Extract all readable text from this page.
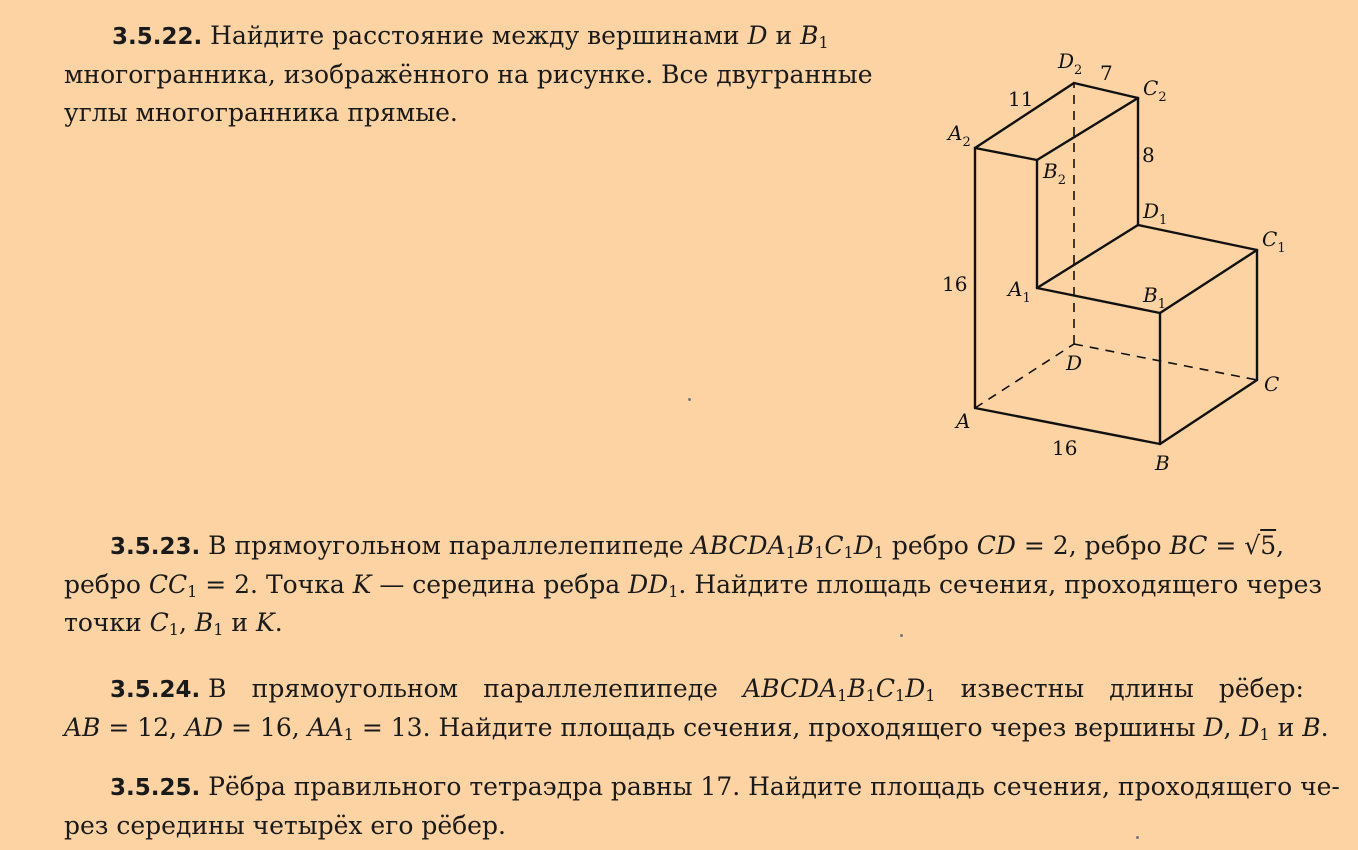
3.5.22. Найдите расстояние между вершинами D и $B_1$
многогранника, изображённого на рисунке. Все двугранные
углы многогранника прямые.
$D_2$
$C_2$
$A_2$
$B_2$
$D_1$
$C_1$
$A_1$	$B_1$
D
C
A
B
11
7
8
16
16
3.5.23. В прямоугольном параллелепипеде $ABCDA_1B_1C_1D_1$ ребро CD = 2, ребро BC = √5,
ребро $CC_1 = 2$. Точка K — середина ребра $DD_1$. Найдите площадь сечения, проходящего через
точки $C_1$, $B_1$ и K.
3.5.24. В прямоугольном параллелепипеде $ABCDA_1B_1C_1D_1$ известны длины рёбер:
AB = 12, AD = 16, $AA_1 = 13$. Найдите площадь сечения, проходящего через вершины D, $D_1$ и B.
3.5.25. Рёбра правильного тетраэдра равны 17. Найдите площадь сечения, проходящего че-
рез середины четырёх его рёбер.
